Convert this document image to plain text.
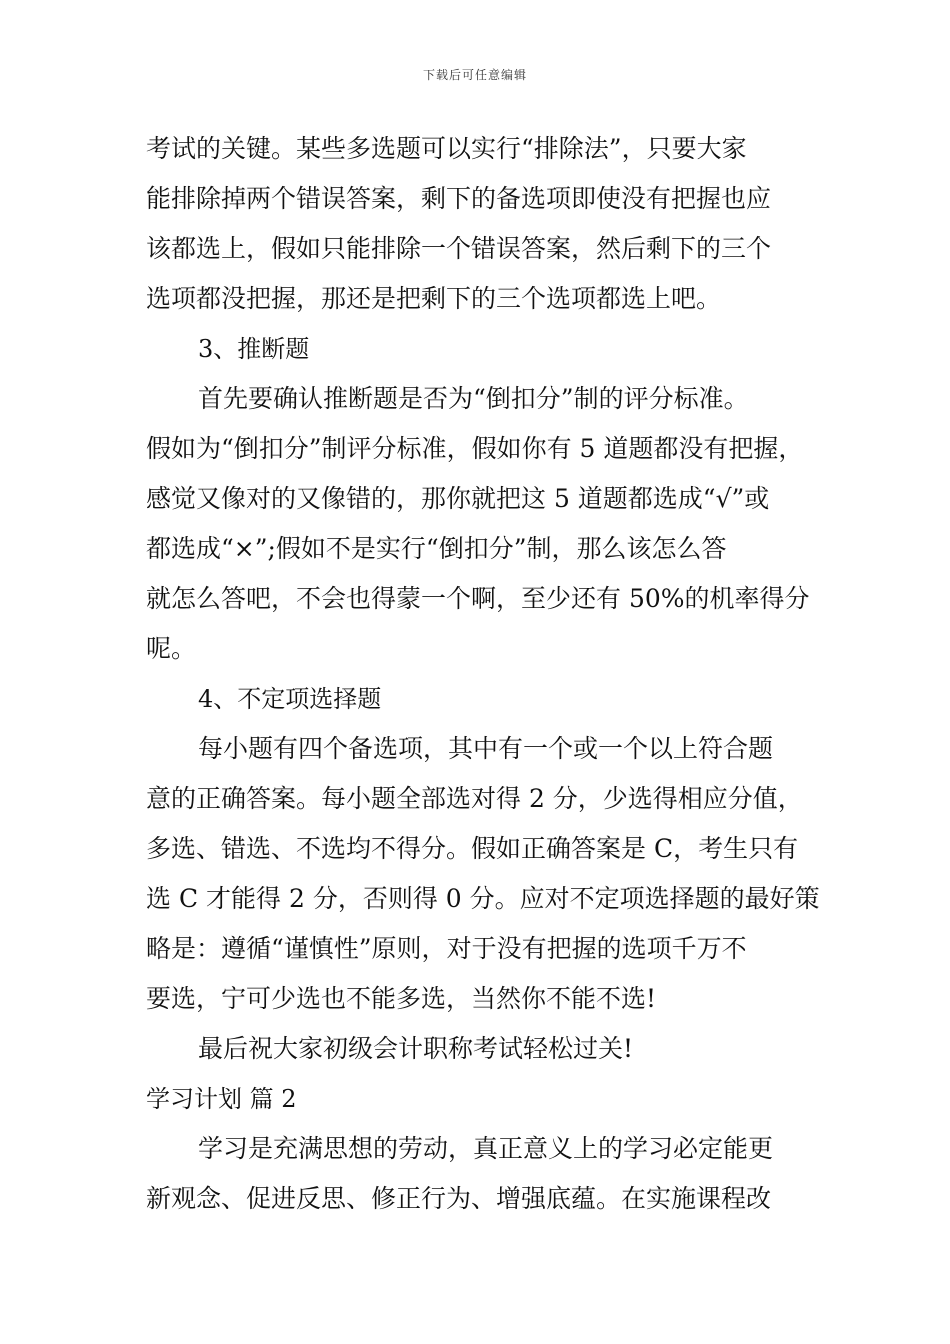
下载后可任意编辑
考试的关键。某些多选题可以实行“排除法”，只要大家
能排除掉两个错误答案，剩下的备选项即使没有把握也应
该都选上，假如只能排除一个错误答案，然后剩下的三个
选项都没把握，那还是把剩下的三个选项都选上吧。
3、推断题
首先要确认推断题是否为“倒扣分”制的评分标准。
假如为“倒扣分”制评分标准，假如你有 5 道题都没有把握，
感觉又像对的又像错的，那你就把这 5 道题都选成“√”或
都选成“×”;假如不是实行“倒扣分”制，那么该怎么答
就怎么答吧，不会也得蒙一个啊，至少还有 50%的机率得分
呢。
4、不定项选择题
每小题有四个备选项，其中有一个或一个以上符合题
意的正确答案。每小题全部选对得 2 分，少选得相应分值，
多选、错选、不选均不得分。假如正确答案是 C，考生只有
选 C 才能得 2 分，否则得 0 分。应对不定项选择题的最好策
略是：遵循“谨慎性”原则，对于没有把握的选项千万不
要选，宁可少选也不能多选，当然你不能不选!
最后祝大家初级会计职称考试轻松过关!
学习计划 篇 2
学习是充满思想的劳动，真正意义上的学习必定能更
新观念、促进反思、修正行为、增强底蕴。在实施课程改
